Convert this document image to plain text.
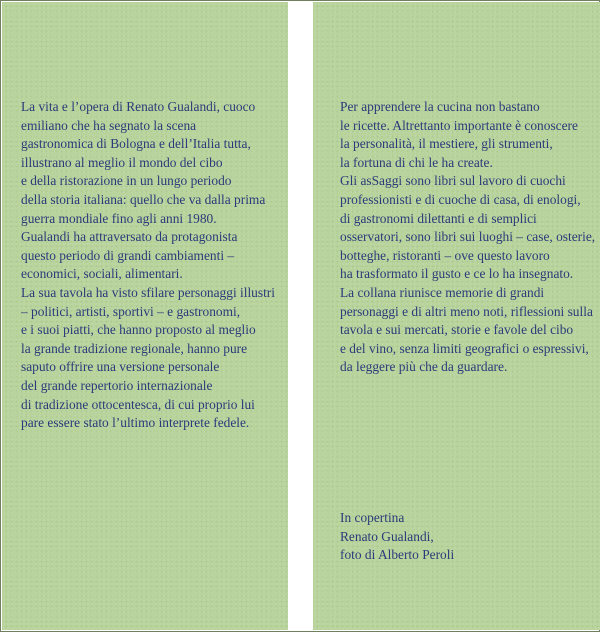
La vita e l’opera di Renato Gualandi, cuoco
emiliano che ha segnato la scena
gastronomica di Bologna e dell’Italia tutta,
illustrano al meglio il mondo del cibo
e della ristorazione in un lungo periodo
della storia italiana: quello che va dalla prima
guerra mondiale fino agli anni 1980.
Gualandi ha attraversato da protagonista
questo periodo di grandi cambiamenti –
economici, sociali, alimentari.
La sua tavola ha visto sfilare personaggi illustri
– politici, artisti, sportivi – e gastronomi,
e i suoi piatti, che hanno proposto al meglio
la grande tradizione regionale, hanno pure
saputo offrire una versione personale
del grande repertorio internazionale
di tradizione ottocentesca, di cui proprio lui
pare essere stato l’ultimo interprete fedele.
Per apprendere la cucina non bastano
le ricette. Altrettanto importante è conoscere
la personalità, il mestiere, gli strumenti,
la fortuna di chi le ha create.
Gli asSaggi sono libri sul lavoro di cuochi
professionisti e di cuoche di casa, di enologi,
di gastronomi dilettanti e di semplici
osservatori, sono libri sui luoghi – case, osterie,
botteghe, ristoranti – ove questo lavoro
ha trasformato il gusto e ce lo ha insegnato.
La collana riunisce memorie di grandi
personaggi e di altri meno noti, riflessioni sulla
tavola e sui mercati, storie e favole del cibo
e del vino, senza limiti geografici o espressivi,
da leggere più che da guardare.
In copertina
Renato Gualandi,
foto di Alberto Peroli
